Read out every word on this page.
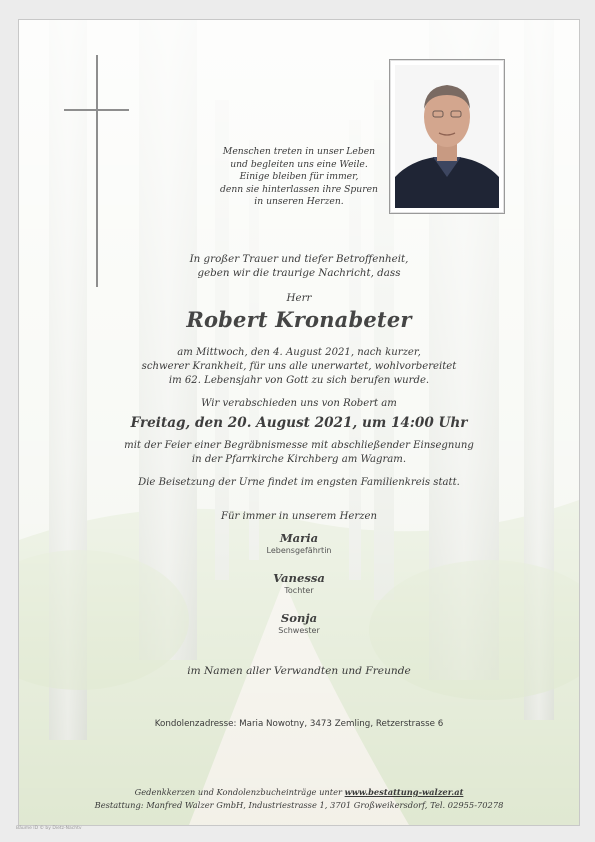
Menschen treten in unser Leben
und begleiten uns eine Weile.
Einige bleiben für immer,
denn sie hinterlassen ihre Spuren
in unseren Herzen.
In großer Trauer und tiefer Betroffenheit,
geben wir die traurige Nachricht, dass
Herr
Robert Kronabeter
am Mittwoch, den 4. August 2021, nach kurzer,
schwerer Krankheit, für uns alle unerwartet, wohlvorbereitet
im 62. Lebensjahr von Gott zu sich berufen wurde.
Wir verabschieden uns von Robert am
Freitag, den 20. August 2021, um 14:00 Uhr
mit der Feier einer Begräbnismesse mit abschließender Einsegnung
in der Pfarrkirche Kirchberg am Wagram.
Die Beisetzung der Urne findet im engsten Familienkreis statt.
Für immer in unserem Herzen
Maria
Lebensgefährtin
Vanessa
Tochter
Sonja
Schwester
im Namen aller Verwandten und Freunde
Kondolenzadresse: Maria Nowotny, 3473 Zemling, Retzerstrasse 6
Gedenkkerzen und Kondolenzbucheinträge unter www.bestattung-walzer.at
Bestattung: Manfred Walzer GmbH, Industriestrasse 1, 3701 Großweikersdorf, Tel. 02955-70278
Bäume ID © by Dietz-Nachtv
